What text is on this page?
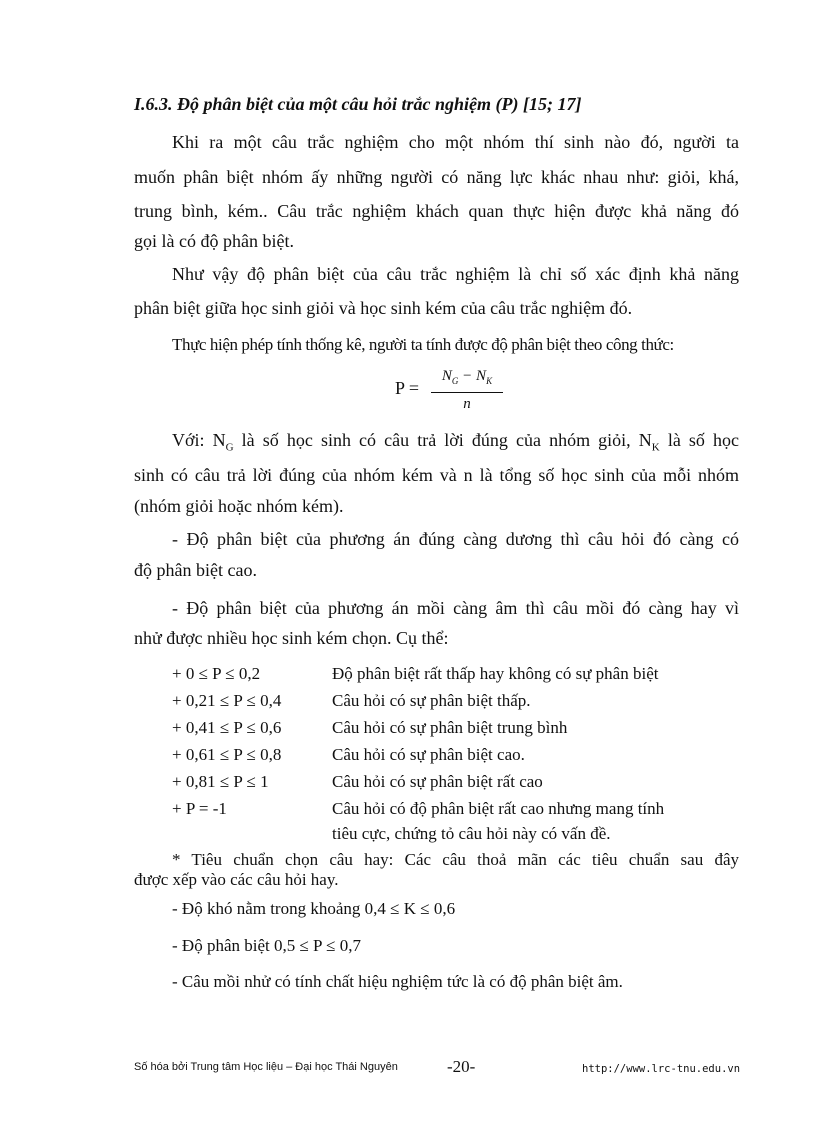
I.6.3. Độ phân biệt của một câu hỏi trắc nghiệm (P) [15; 17]
Khi ra một câu trắc nghiệm cho một nhóm thí sinh nào đó, người ta
muốn phân biệt nhóm ấy những người có năng lực khác nhau như: giỏi, khá,
trung bình, kém.. Câu trắc nghiệm khách quan thực hiện được khả năng đó
gọi là có độ phân biệt.
Như vậy độ phân biệt của câu trắc nghiệm là chỉ số xác định khả năng
phân biệt giữa học sinh giỏi và học sinh kém của câu trắc nghiệm đó.
Thực hiện phép tính thống kê, người ta tính được độ phân biệt theo công thức:
P =
$N_G - N_K$
n
Với: $N_G$ là số học sinh có câu trả lời đúng của nhóm giỏi, $N_K$ là số học
sinh có câu trả lời đúng của nhóm kém và n là tổng số học sinh của mỗi nhóm
(nhóm giỏi hoặc nhóm kém).
- Độ phân biệt của phương án đúng càng dương thì câu hỏi đó càng có
độ phân biệt cao.
- Độ phân biệt của phương án mồi càng âm thì câu mồi đó càng hay vì
nhử được nhiều học sinh kém chọn. Cụ thể:
+ 0 ≤ P ≤ 0,2	Độ phân biệt rất thấp hay không có sự phân biệt
+ 0,21 ≤ P ≤ 0,4	Câu hỏi có sự phân biệt thấp.
+ 0,41 ≤ P ≤ 0,6	Câu hỏi có sự phân biệt trung bình
+ 0,61 ≤ P ≤ 0,8	Câu hỏi có sự phân biệt cao.
+ 0,81 ≤ P ≤ 1	Câu hỏi có sự phân biệt rất cao
+ P = -1	Câu hỏi có độ phân biệt rất cao nhưng mang tính
tiêu cực, chứng tỏ câu hỏi này có vấn đề.
* Tiêu chuẩn chọn câu hay: Các câu thoả mãn các tiêu chuẩn sau đây
được xếp vào các câu hỏi hay.
- Độ khó nằm trong khoảng 0,4 ≤ K ≤ 0,6
- Độ phân biệt 0,5 ≤ P ≤ 0,7
- Câu mồi nhử có tính chất hiệu nghiệm tức là có độ phân biệt âm.
Số hóa bởi Trung tâm Học liệu – Đại học Thái Nguyên	-20-	http://www.lrc-tnu.edu.vn
